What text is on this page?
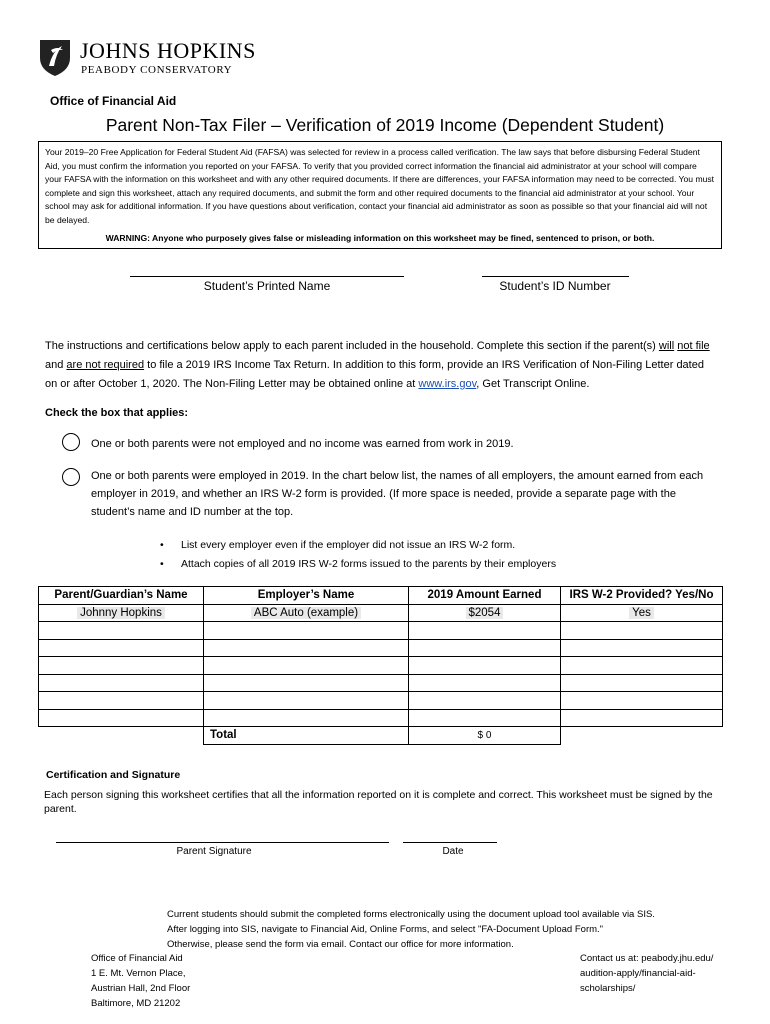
JOHNS HOPKINS
PEABODY CONSERVATORY
Office of Financial Aid
Parent Non-Tax Filer – Verification of 2019 Income (Dependent Student)
Your 2019–20 Free Application for Federal Student Aid (FAFSA) was selected for review in a process called verification. The law says that before disbursing Federal Student Aid, you must confirm the information you reported on your FAFSA. To verify that you provided correct information the financial aid administrator at your school will compare your FAFSA with the information on this worksheet and with any other required documents. If there are differences, your FAFSA information may need to be corrected. You must complete and sign this worksheet, attach any required documents, and submit the form and other required documents to the financial aid administrator at your school. Your school may ask for additional information. If you have questions about verification, contact your financial aid administrator as soon as possible so that your financial aid will not be delayed.
WARNING: Anyone who purposely gives false or misleading information on this worksheet may be fined, sentenced to prison, or both.
Student’s Printed Name	Student’s ID Number
The instructions and certifications below apply to each parent included in the household. Complete this section if the parent(s) will not file and are not required to file a 2019 IRS Income Tax Return. In addition to this form, provide an IRS Verification of Non-Filing Letter dated on or after October 1, 2020. The Non-Filing Letter may be obtained online at www.irs.gov, Get Transcript Online.
Check the box that applies:
One or both parents were not employed and no income was earned from work in 2019.
One or both parents were employed in 2019. In the chart below list, the names of all employers, the amount earned from each employer in 2019, and whether an IRS W-2 form is provided. (If more space is needed, provide a separate page with the student’s name and ID number at the top.
• List every employer even if the employer did not issue an IRS W-2 form.
• Attach copies of all 2019 IRS W-2 forms issued to the parents by their employers
Parent/Guardian’s Name	Employer’s Name	2019 Amount Earned	IRS W-2 Provided? Yes/No
Johnny Hopkins	ABC Auto (example)	$2054	Yes

	Total	$ 0	
Certification and Signature
Each person signing this worksheet certifies that all the information reported on it is complete and correct. This worksheet must be signed by the parent.
Parent Signature	Date
Current students should submit the completed forms electronically using the document upload tool available via SIS.
After logging into SIS, navigate to Financial Aid, Online Forms, and select "FA-Document Upload Form."
Otherwise, please send the form via email. Contact our office for more information.
Office of Financial Aid
1 E. Mt. Vernon Place,
Austrian Hall, 2nd Floor
Baltimore, MD 21202
Contact us at: peabody.jhu.edu/
audition-apply/financial-aid-
scholarships/
